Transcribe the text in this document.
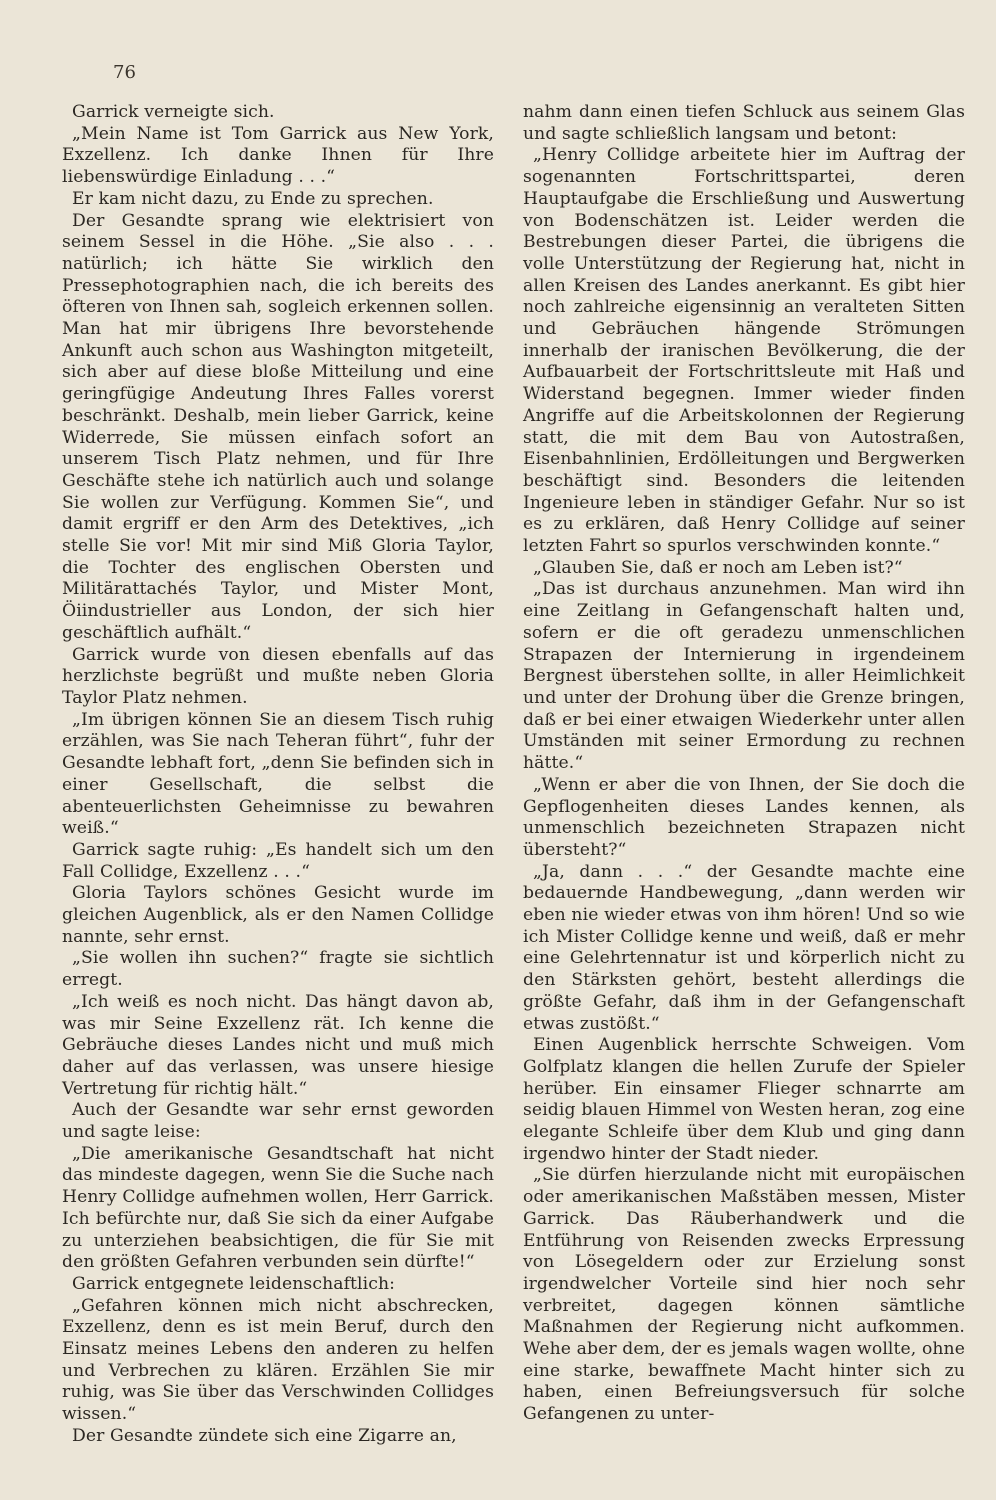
76

Garrick verneigte sich.

„Mein Name ist Tom Garrick aus New York, Exzellenz. Ich danke Ihnen für Ihre liebenswürdige Einladung . . .“

Er kam nicht dazu, zu Ende zu sprechen.

Der Gesandte sprang wie elektrisiert von seinem Sessel in die Höhe. „Sie also . . . natürlich; ich hätte Sie wirklich den Pressephotographien nach, die ich bereits des öfteren von Ihnen sah, sogleich erkennen sollen. Man hat mir übrigens Ihre bevorstehende Ankunft auch schon aus Washington mitgeteilt, sich aber auf diese bloße Mitteilung und eine geringfügige Andeutung Ihres Falles vorerst beschränkt. Deshalb, mein lieber Garrick, keine Widerrede, Sie müssen einfach sofort an unserem Tisch Platz nehmen, und für Ihre Geschäfte stehe ich natürlich auch und solange Sie wollen zur Verfügung. Kommen Sie“, und damit ergriff er den Arm des Detektives, „ich stelle Sie vor! Mit mir sind Miß Gloria Taylor, die Tochter des englischen Obersten und Militärattachés Taylor, und Mister Mont, Öiindustrieller aus London, der sich hier geschäftlich aufhält.“

Garrick wurde von diesen ebenfalls auf das herzlichste begrüßt und mußte neben Gloria Taylor Platz nehmen.

„Im übrigen können Sie an diesem Tisch ruhig erzählen, was Sie nach Teheran führt“, fuhr der Gesandte lebhaft fort, „denn Sie befinden sich in einer Gesellschaft, die selbst die abenteuerlichsten Geheimnisse zu bewahren weiß.“

Garrick sagte ruhig: „Es handelt sich um den Fall Collidge, Exzellenz . . .“

Gloria Taylors schönes Gesicht wurde im gleichen Augenblick, als er den Namen Collidge nannte, sehr ernst.

„Sie wollen ihn suchen?“ fragte sie sichtlich erregt.

„Ich weiß es noch nicht. Das hängt davon ab, was mir Seine Exzellenz rät. Ich kenne die Gebräuche dieses Landes nicht und muß mich daher auf das verlassen, was unsere hiesige Vertretung für richtig hält.“

Auch der Gesandte war sehr ernst geworden und sagte leise:

„Die amerikanische Gesandtschaft hat nicht das mindeste dagegen, wenn Sie die Suche nach Henry Collidge aufnehmen wollen, Herr Garrick. Ich befürchte nur, daß Sie sich da einer Aufgabe zu unterziehen beabsichtigen, die für Sie mit den größten Gefahren verbunden sein dürfte!“

Garrick entgegnete leidenschaftlich:

„Gefahren können mich nicht abschrecken, Exzellenz, denn es ist mein Beruf, durch den Einsatz meines Lebens den anderen zu helfen und Verbrechen zu klären. Erzählen Sie mir ruhig, was Sie über das Verschwinden Collidges wissen.“

Der Gesandte zündete sich eine Zigarre an,

nahm dann einen tiefen Schluck aus seinem Glas und sagte schließlich langsam und betont:

„Henry Collidge arbeitete hier im Auftrag der sogenannten Fortschrittspartei, deren Hauptaufgabe die Erschließung und Auswertung von Bodenschätzen ist. Leider werden die Bestrebungen dieser Partei, die übrigens die volle Unterstützung der Regierung hat, nicht in allen Kreisen des Landes anerkannt. Es gibt hier noch zahlreiche eigensinnig an veralteten Sitten und Gebräuchen hängende Strömungen innerhalb der iranischen Bevölkerung, die der Aufbauarbeit der Fortschrittsleute mit Haß und Widerstand begegnen. Immer wieder finden Angriffe auf die Arbeitskolonnen der Regierung statt, die mit dem Bau von Autostraßen, Eisenbahnlinien, Erdölleitungen und Bergwerken beschäftigt sind. Besonders die leitenden Ingenieure leben in ständiger Gefahr. Nur so ist es zu erklären, daß Henry Collidge auf seiner letzten Fahrt so spurlos verschwinden konnte.“

„Glauben Sie, daß er noch am Leben ist?“

„Das ist durchaus anzunehmen. Man wird ihn eine Zeitlang in Gefangenschaft halten und, sofern er die oft geradezu unmenschlichen Strapazen der Internierung in irgendeinem Bergnest überstehen sollte, in aller Heimlichkeit und unter der Drohung über die Grenze bringen, daß er bei einer etwaigen Wiederkehr unter allen Umständen mit seiner Ermordung zu rechnen hätte.“

„Wenn er aber die von Ihnen, der Sie doch die Gepflogenheiten dieses Landes kennen, als unmenschlich bezeichneten Strapazen nicht übersteht?“

„Ja, dann . . .“ der Gesandte machte eine bedauernde Handbewegung, „dann werden wir eben nie wieder etwas von ihm hören! Und so wie ich Mister Collidge kenne und weiß, daß er mehr eine Gelehrtennatur ist und körperlich nicht zu den Stärksten gehört, besteht allerdings die größte Gefahr, daß ihm in der Gefangenschaft etwas zustößt.“

Einen Augenblick herrschte Schweigen. Vom Golfplatz klangen die hellen Zurufe der Spieler herüber. Ein einsamer Flieger schnarrte am seidig blauen Himmel von Westen heran, zog eine elegante Schleife über dem Klub und ging dann irgendwo hinter der Stadt nieder.

„Sie dürfen hierzulande nicht mit europäischen oder amerikanischen Maßstäben messen, Mister Garrick. Das Räuberhandwerk und die Entführung von Reisenden zwecks Erpressung von Lösegeldern oder zur Erzielung sonst irgendwelcher Vorteile sind hier noch sehr verbreitet, dagegen können sämtliche Maßnahmen der Regierung nicht aufkommen. Wehe aber dem, der es jemals wagen wollte, ohne eine starke, bewaffnete Macht hinter sich zu haben, einen Befreiungsversuch für solche Gefangenen zu unter-
